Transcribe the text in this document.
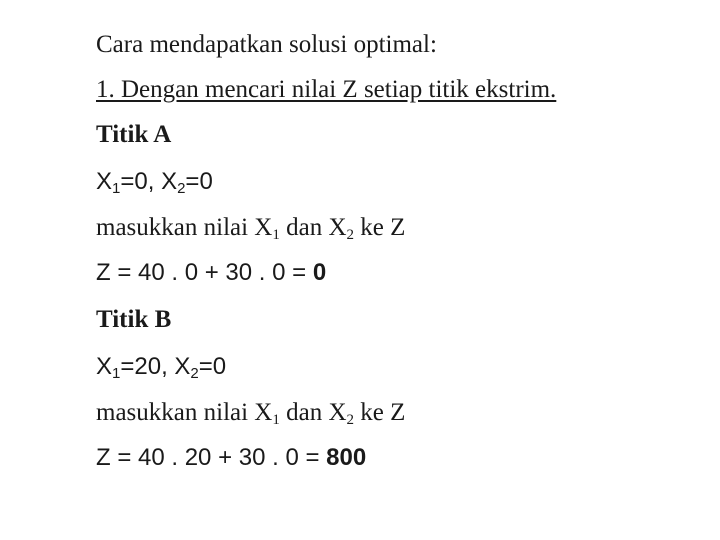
Cara mendapatkan solusi optimal:
1. Dengan mencari nilai Z setiap titik ekstrim.
Titik A
$X_1=0$, $X_2=0$
masukkan nilai $X_1$ dan $X_2$ ke Z
Z = 40 . 0 + 30 . 0 = 0
Titik B
$X_1=20$, $X_2=0$
masukkan nilai $X_1$ dan $X_2$ ke Z
Z = 40 . 20 + 30 . 0 = 800
